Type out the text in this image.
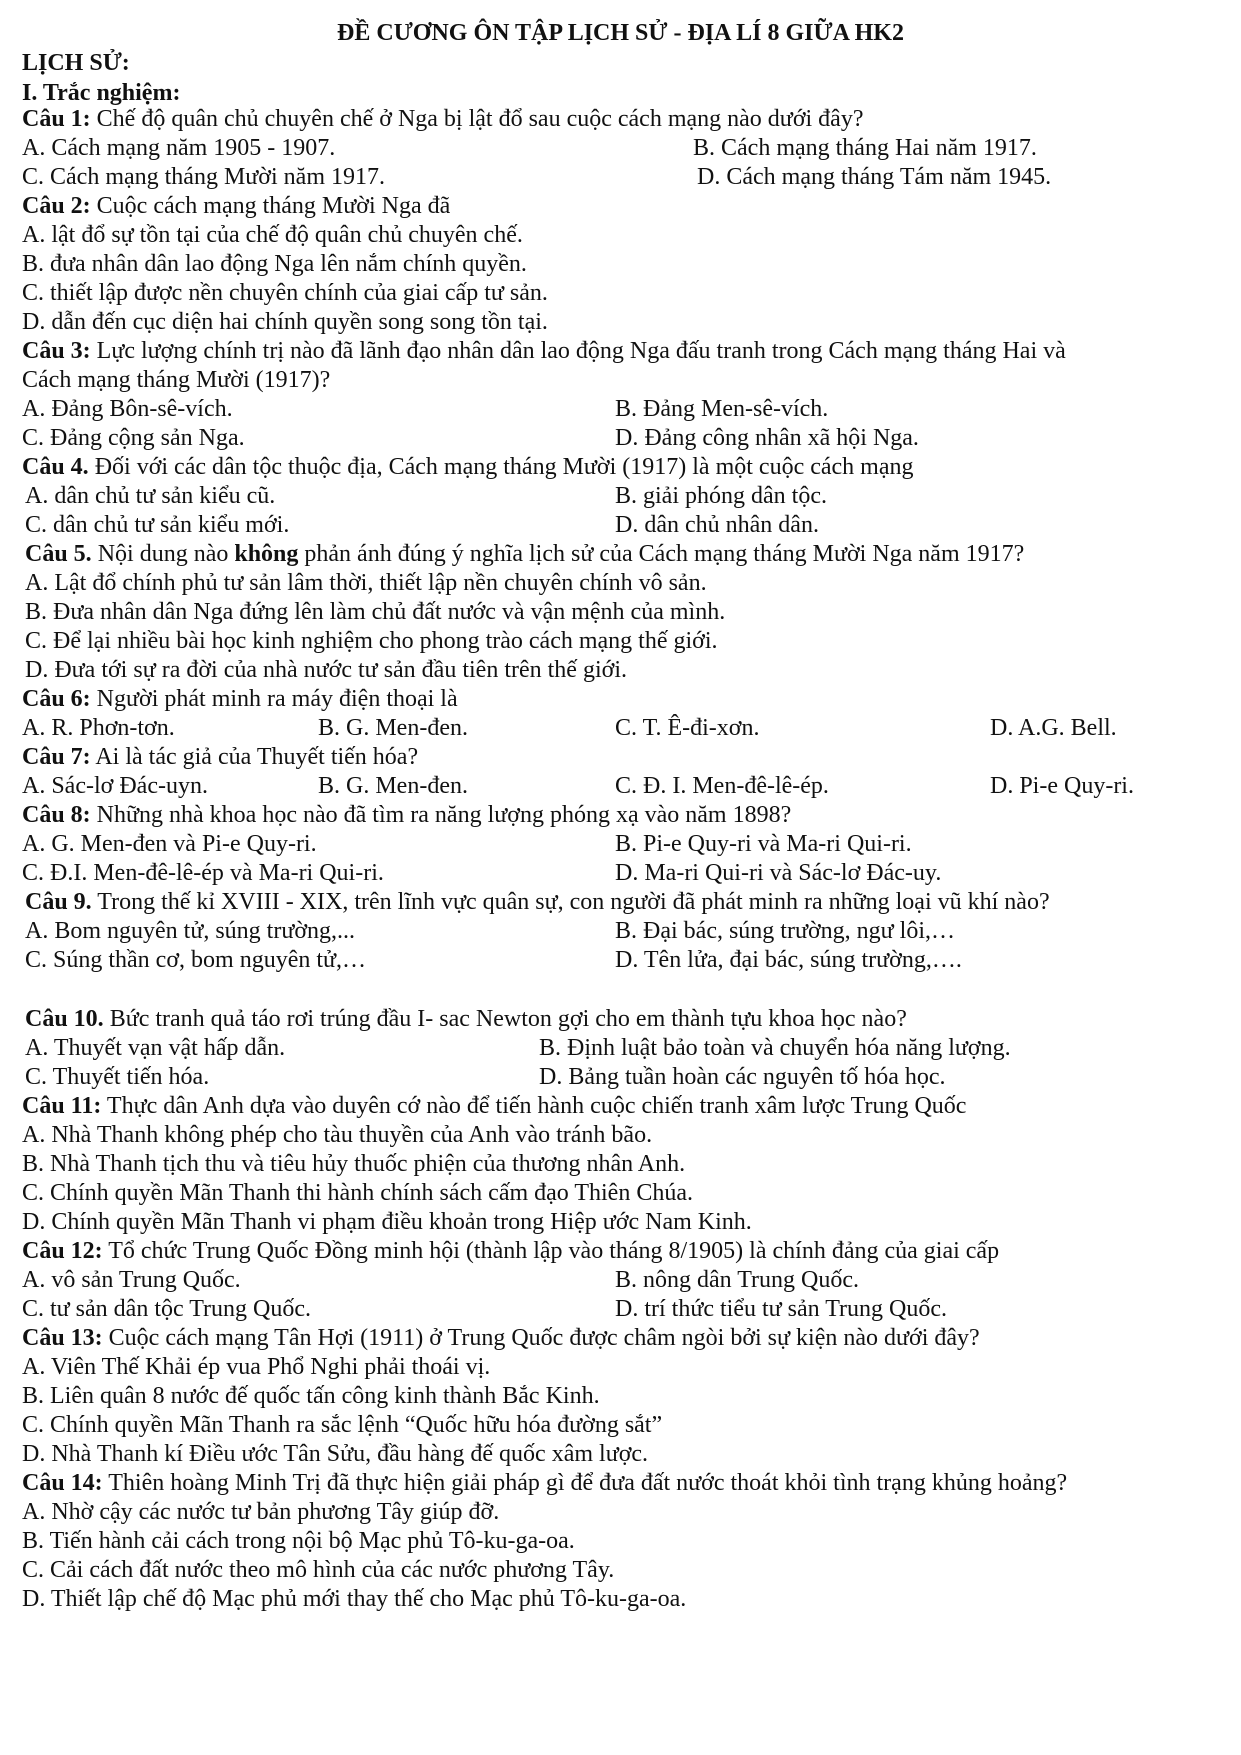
ĐỀ CƯƠNG ÔN TẬP LỊCH SỬ - ĐỊA LÍ 8 GIỮA HK2
LỊCH SỬ:
I. Trắc nghiệm:
Câu 1: Chế độ quân chủ chuyên chế ở Nga bị lật đổ sau cuộc cách mạng nào dưới đây?
A. Cách mạng năm 1905 - 1907.	B. Cách mạng tháng Hai năm 1917.
C. Cách mạng tháng Mười năm 1917.	D. Cách mạng tháng Tám năm 1945.
Câu 2: Cuộc cách mạng tháng Mười Nga đã
A. lật đổ sự tồn tại của chế độ quân chủ chuyên chế.
B. đưa nhân dân lao động Nga lên nắm chính quyền.
C. thiết lập được nền chuyên chính của giai cấp tư sản.
D. dẫn đến cục diện hai chính quyền song song tồn tại.
Câu 3: Lực lượng chính trị nào đã lãnh đạo nhân dân lao động Nga đấu tranh trong Cách mạng tháng Hai và
Cách mạng tháng Mười (1917)?
A. Đảng Bôn-sê-vích.	B. Đảng Men-sê-vích.
C. Đảng cộng sản Nga.	D. Đảng công nhân xã hội Nga.
Câu 4. Đối với các dân tộc thuộc địa, Cách mạng tháng Mười (1917) là một cuộc cách mạng
A. dân chủ tư sản kiểu cũ.	B. giải phóng dân tộc.
C. dân chủ tư sản kiểu mới.	D. dân chủ nhân dân.
Câu 5. Nội dung nào không phản ánh đúng ý nghĩa lịch sử của Cách mạng tháng Mười Nga năm 1917?
A. Lật đổ chính phủ tư sản lâm thời, thiết lập nền chuyên chính vô sản.
B. Đưa nhân dân Nga đứng lên làm chủ đất nước và vận mệnh của mình.
C. Để lại nhiều bài học kinh nghiệm cho phong trào cách mạng thế giới.
D. Đưa tới sự ra đời của nhà nước tư sản đầu tiên trên thế giới.
Câu 6: Người phát minh ra máy điện thoại là
A. R. Phơn-tơn.	B. G. Men-đen.	C. T. Ê-đi-xơn.	D. A.G. Bell.
Câu 7: Ai là tác giả của Thuyết tiến hóa?
A. Sác-lơ Đác-uyn.	B. G. Men-đen.	C. Đ. I. Men-đê-lê-ép.	D. Pi-e Quy-ri.
Câu 8: Những nhà khoa học nào đã tìm ra năng lượng phóng xạ vào năm 1898?
A. G. Men-đen và Pi-e Quy-ri.	B. Pi-e Quy-ri và Ma-ri Qui-ri.
C. Đ.I. Men-đê-lê-ép và Ma-ri Qui-ri.	D. Ma-ri Qui-ri và Sác-lơ Đác-uy.
Câu 9. Trong thế kỉ XVIII - XIX, trên lĩnh vực quân sự, con người đã phát minh ra những loại vũ khí nào?
A. Bom nguyên tử, súng trường,...	B. Đại bác, súng trường, ngư lôi,…
C. Súng thần cơ, bom nguyên tử,…	D. Tên lửa, đại bác, súng trường,….
Câu 10. Bức tranh quả táo rơi trúng đầu I- sac Newton gợi cho em thành tựu khoa học nào?
A. Thuyết vạn vật hấp dẫn.	B. Định luật bảo toàn và chuyển hóa năng lượng.
C. Thuyết tiến hóa.	D. Bảng tuần hoàn các nguyên tố hóa học.
Câu 11: Thực dân Anh dựa vào duyên cớ nào để tiến hành cuộc chiến tranh xâm lược Trung Quốc
A. Nhà Thanh không phép cho tàu thuyền của Anh vào tránh bão.
B. Nhà Thanh tịch thu và tiêu hủy thuốc phiện của thương nhân Anh.
C. Chính quyền Mãn Thanh thi hành chính sách cấm đạo Thiên Chúa.
D. Chính quyền Mãn Thanh vi phạm điều khoản trong Hiệp ước Nam Kinh.
Câu 12: Tổ chức Trung Quốc Đồng minh hội (thành lập vào tháng 8/1905) là chính đảng của giai cấp
A. vô sản Trung Quốc.	B. nông dân Trung Quốc.
C. tư sản dân tộc Trung Quốc.	D. trí thức tiểu tư sản Trung Quốc.
Câu 13: Cuộc cách mạng Tân Hợi (1911) ở Trung Quốc được châm ngòi bởi sự kiện nào dưới đây?
A. Viên Thế Khải ép vua Phổ Nghi phải thoái vị.
B. Liên quân 8 nước đế quốc tấn công kinh thành Bắc Kinh.
C. Chính quyền Mãn Thanh ra sắc lệnh “Quốc hữu hóa đường sắt”
D. Nhà Thanh kí Điều ước Tân Sửu, đầu hàng đế quốc xâm lược.
Câu 14: Thiên hoàng Minh Trị đã thực hiện giải pháp gì để đưa đất nước thoát khỏi tình trạng khủng hoảng?
A. Nhờ cậy các nước tư bản phương Tây giúp đỡ.
B. Tiến hành cải cách trong nội bộ Mạc phủ Tô-ku-ga-oa.
C. Cải cách đất nước theo mô hình của các nước phương Tây.
D. Thiết lập chế độ Mạc phủ mới thay thế cho Mạc phủ Tô-ku-ga-oa.
